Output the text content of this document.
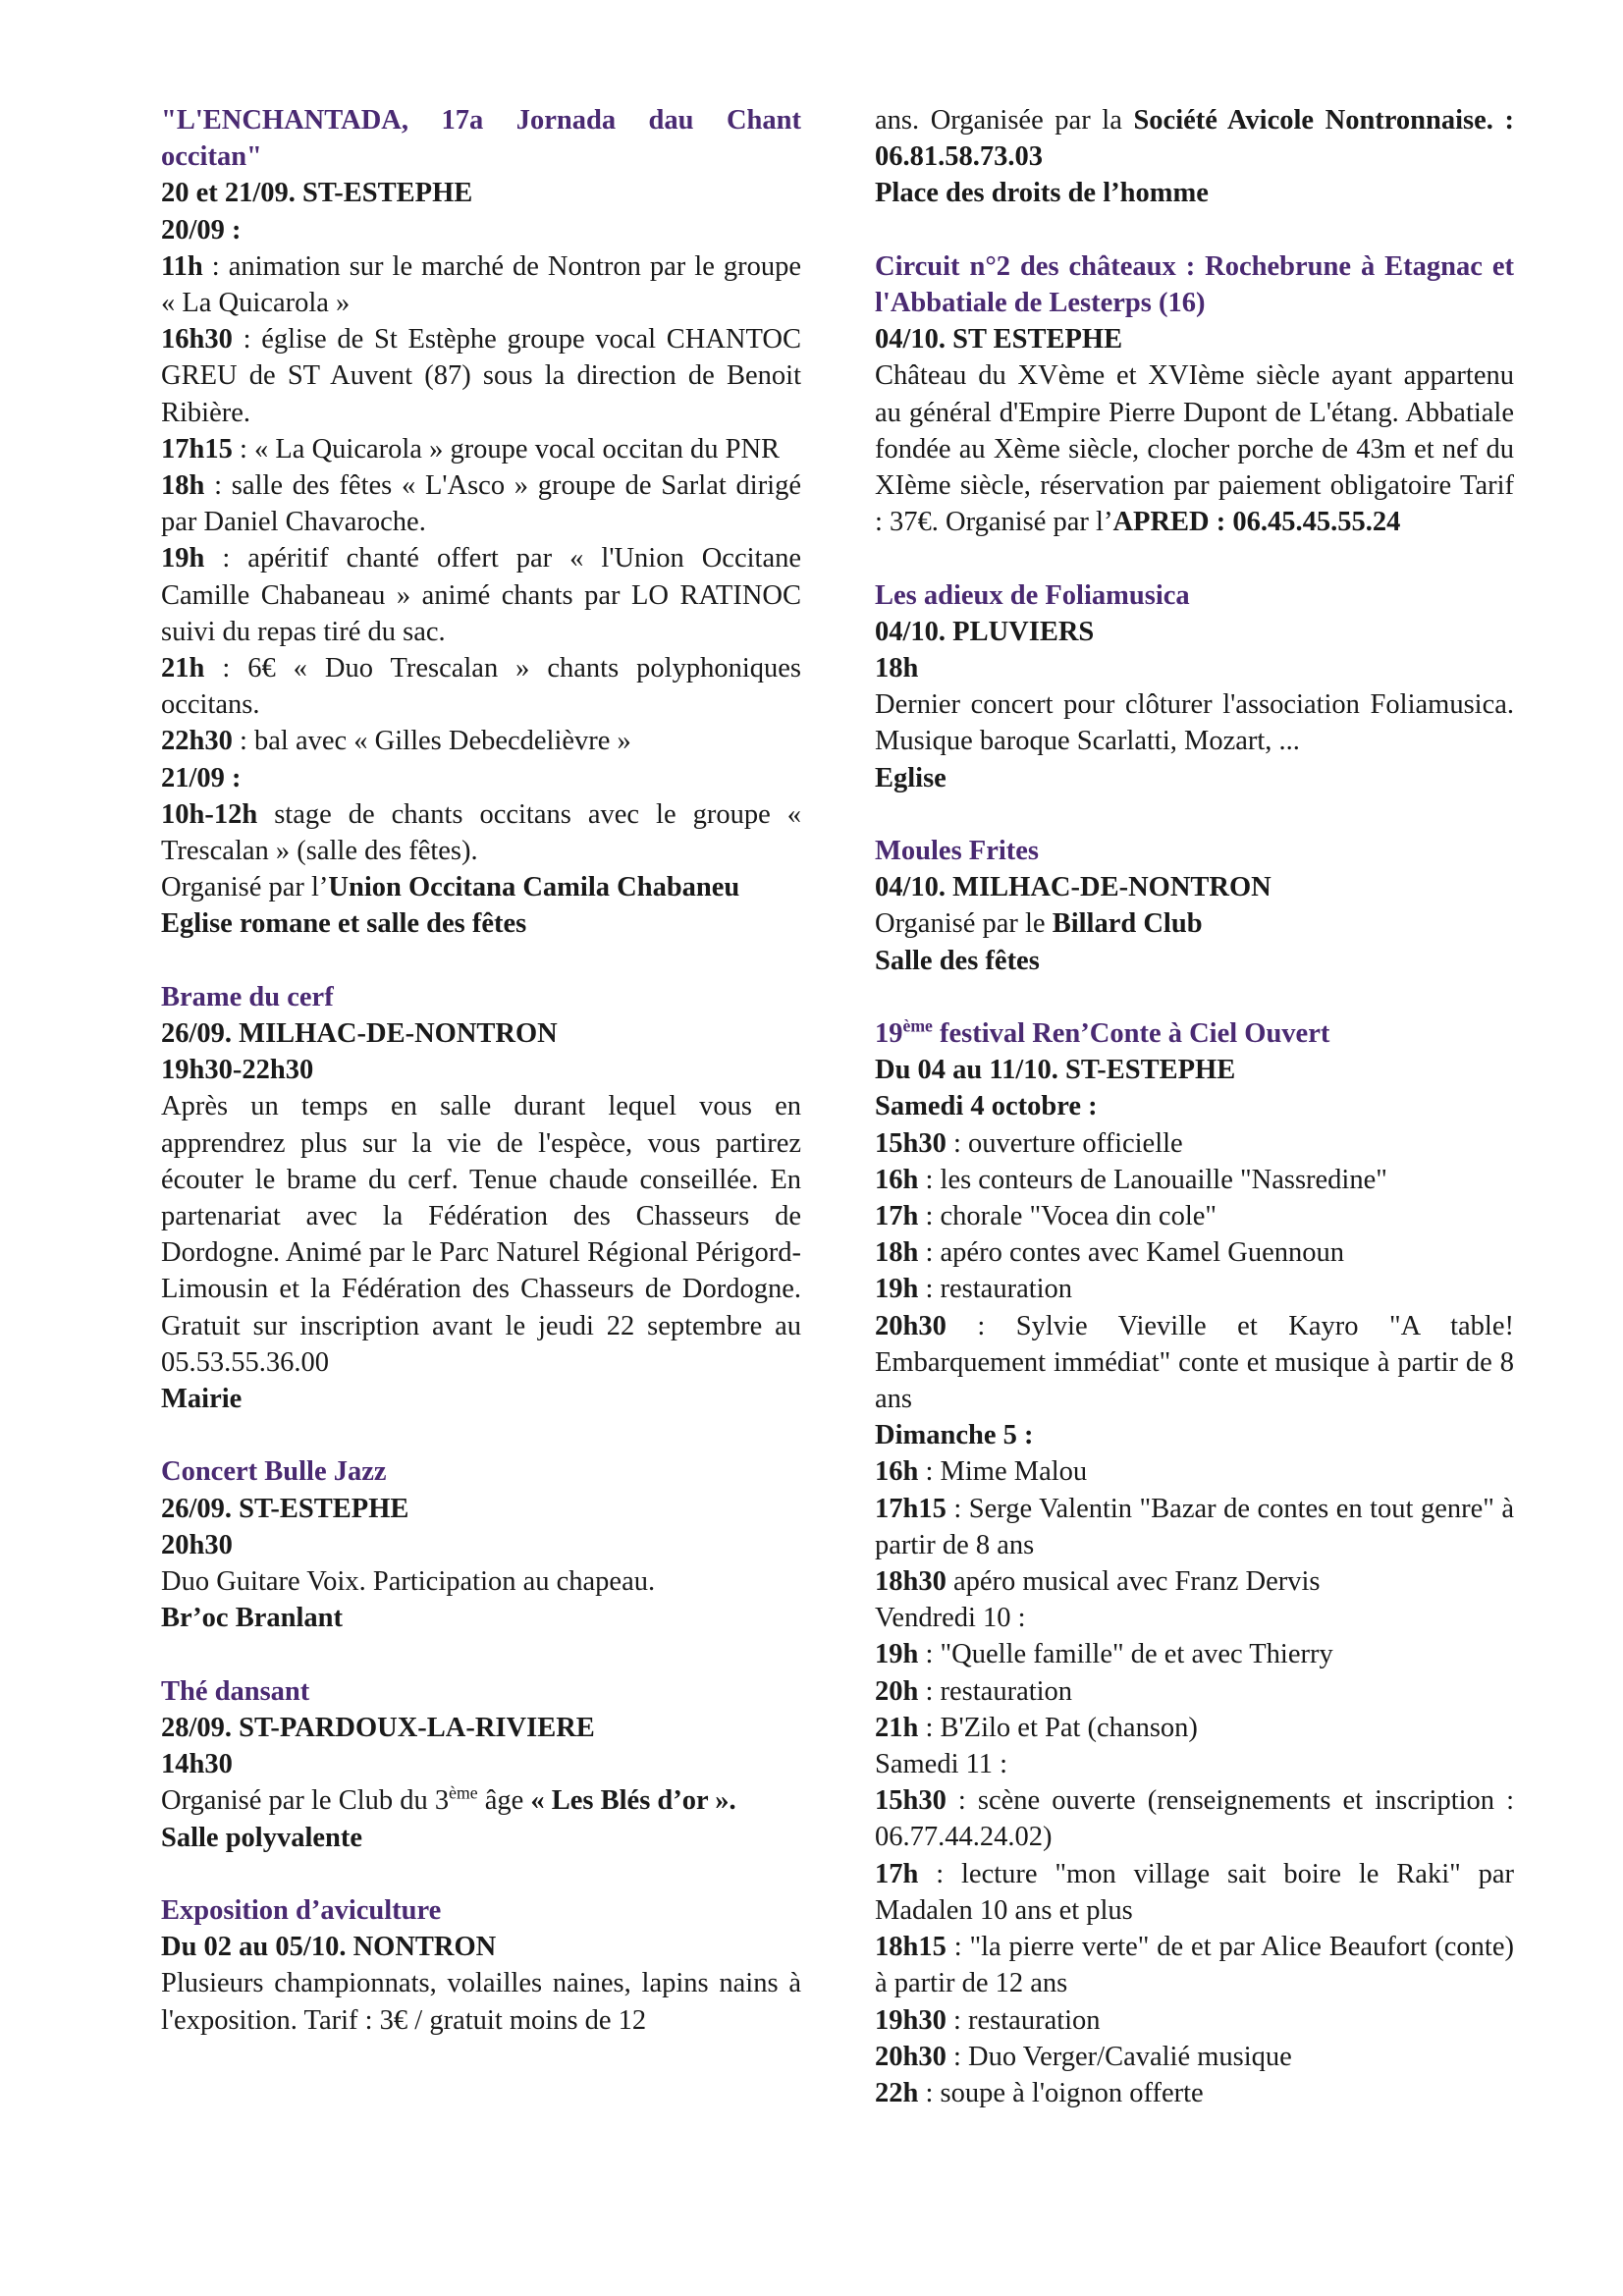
"L'ENCHANTADA, 17a Jornada dau Chant occitan"
20 et 21/09. ST-ESTEPHE
20/09 :
11h : animation sur le marché de Nontron par le groupe « La Quicarola »
16h30 : église de St Estèphe groupe vocal CHANTOC GREU de ST Auvent (87) sous la direction de Benoit Ribière.
17h15 : « La Quicarola » groupe vocal occitan du PNR
18h : salle des fêtes « L'Asco » groupe de Sarlat dirigé par Daniel Chavaroche.
19h : apéritif chanté offert par « l'Union Occitane Camille Chabaneau » animé chants par LO RATINOC suivi du repas tiré du sac.
21h : 6€ « Duo Trescalan » chants polyphoniques occitans.
22h30 : bal avec « Gilles Debecdelièvre »
21/09 :
10h-12h stage de chants occitans avec le groupe « Trescalan » (salle des fêtes).
Organisé par l’Union Occitana Camila Chabaneu
Eglise romane et salle des fêtes
Brame du cerf
26/09. MILHAC-DE-NONTRON
19h30-22h30
Après un temps en salle durant lequel vous en apprendrez plus sur la vie de l'espèce, vous partirez écouter le brame du cerf. Tenue chaude conseillée. En partenariat avec la Fédération des Chasseurs de Dordogne. Animé par le Parc Naturel Régional Périgord-Limousin et la Fédération des Chasseurs de Dordogne. Gratuit sur inscription avant le jeudi 22 septembre au 05.53.55.36.00
Mairie
Concert Bulle Jazz
26/09. ST-ESTEPHE
20h30
Duo Guitare Voix. Participation au chapeau.
Br’oc Branlant
Thé dansant
28/09. ST-PARDOUX-LA-RIVIERE
14h30
Organisé par le Club du 3ème âge « Les Blés d’or ».
Salle polyvalente
Exposition d’aviculture
Du 02 au 05/10. NONTRON
Plusieurs championnats, volailles naines, lapins nains à l'exposition. Tarif : 3€ / gratuit moins de 12
ans. Organisée par la Société Avicole Nontronnaise. : 06.81.58.73.03
Place des droits de l’homme
Circuit n°2 des châteaux : Rochebrune à Etagnac et l'Abbatiale de Lesterps (16)
04/10. ST ESTEPHE
Château du XVème et XVIème siècle ayant appartenu au général d'Empire Pierre Dupont de L'étang. Abbatiale fondée au Xème siècle, clocher porche de 43m et nef du XIème siècle, réservation par paiement obligatoire Tarif : 37€. Organisé par l’APRED : 06.45.45.55.24
Les adieux de Foliamusica
04/10. PLUVIERS
18h
Dernier concert pour clôturer l'association Foliamusica. Musique baroque Scarlatti, Mozart, ...
Eglise
Moules Frites
04/10. MILHAC-DE-NONTRON
Organisé par le Billard Club
Salle des fêtes
19ème festival Ren’Conte à Ciel Ouvert
Du 04 au 11/10. ST-ESTEPHE
Samedi 4 octobre :
15h30 : ouverture officielle
16h : les conteurs de Lanouaille "Nassredine"
17h : chorale "Vocea din cole"
18h : apéro contes avec Kamel Guennoun
19h : restauration
20h30 : Sylvie Vieville et Kayro "A table! Embarquement immédiat" conte et musique à partir de 8 ans
Dimanche 5 :
16h : Mime Malou
17h15 : Serge Valentin "Bazar de contes en tout genre" à partir de 8 ans
18h30 apéro musical avec Franz Dervis
Vendredi 10 :
19h : "Quelle famille" de et avec Thierry
20h : restauration
21h : B'Zilo et Pat (chanson)
Samedi 11 :
15h30 : scène ouverte (renseignements et inscription : 06.77.44.24.02)
17h : lecture "mon village sait boire le Raki" par Madalen 10 ans et plus
18h15 : "la pierre verte" de et par Alice Beaufort (conte) à partir de 12 ans
19h30 : restauration
20h30 : Duo Verger/Cavalié musique
22h : soupe à l'oignon offerte
